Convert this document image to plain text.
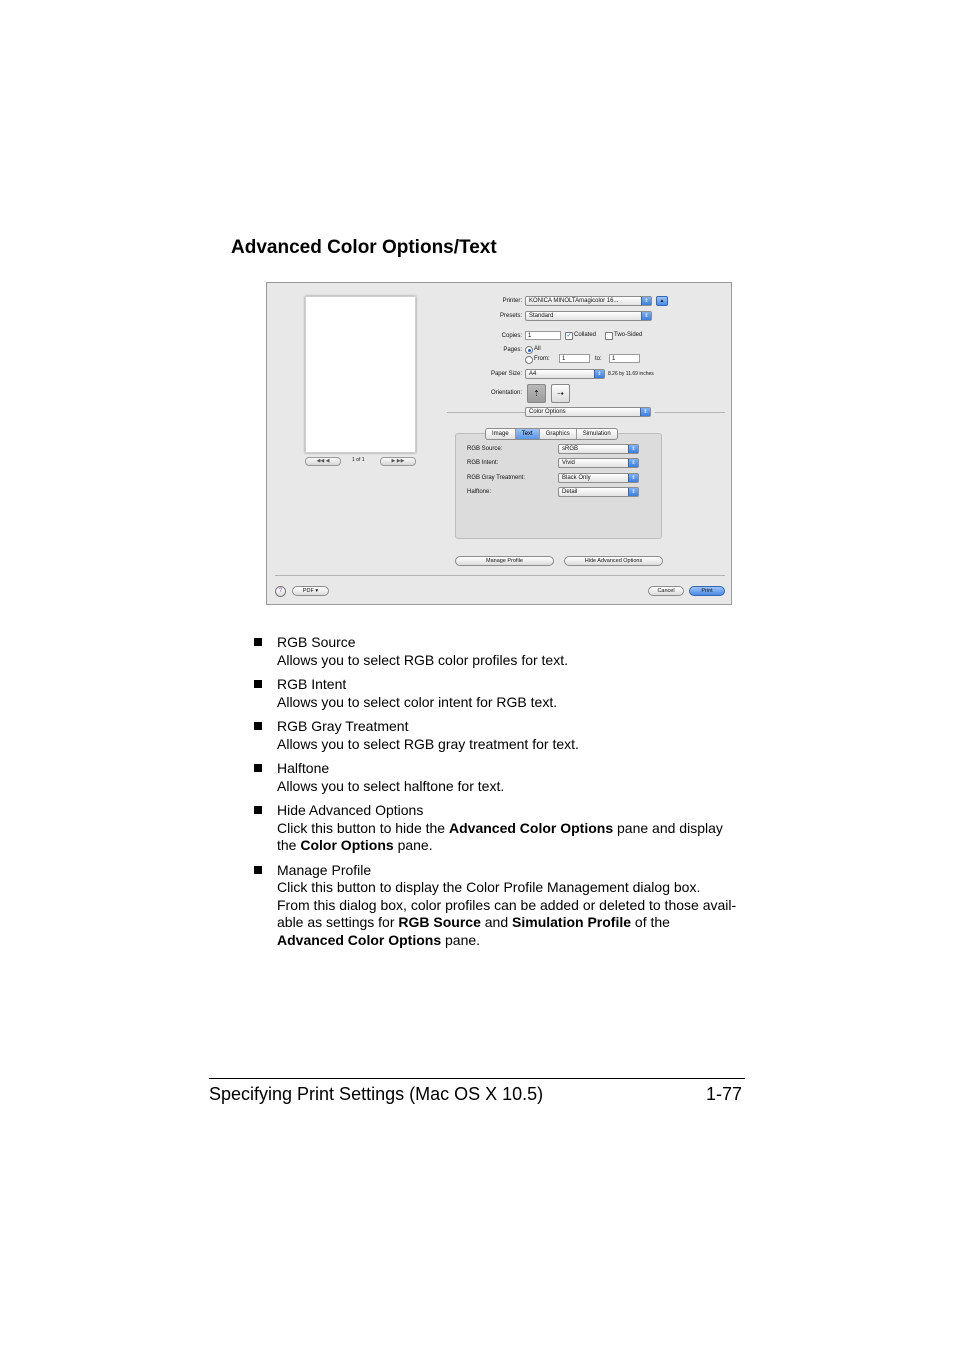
Advanced Color Options/Text
◀◀ ◀	1 of 1	▶ ▶▶
Printer:	KONICA MINOLTAmagicolor 16...	⇕	▲
Presets:	Standard	⇕
Copies:	1	✓ Collated	Two-Sided
Pages: All
From:	1	to:	1
Paper Size:	A4	⇕	8.26 by 11.69 inches
Orientation:	⇡	⇢
Color Options	⇕
Image	Text	Graphics	Simulation
RGB Source:	sRGB	⇕
RGB Intent:	Vivid	⇕
RGB Gray Treatment:	Black Only	⇕
Halftone:	Detail	⇕
Manage Profile	Hide Advanced Options
?	PDF ▾	Cancel	Print

RGB Source

Allows you to select RGB color profiles for text.

RGB Intent

Allows you to select color intent for RGB text.

RGB Gray Treatment

Allows you to select RGB gray treatment for text.

Halftone

Allows you to select halftone for text.

Hide Advanced Options

Click this button to hide the Advanced Color Options pane and display

the Color Options pane.

Manage Profile

Click this button to display the Color Profile Management dialog box.

From this dialog box, color profiles can be added or deleted to those avail-

able as settings for RGB Source and Simulation Profile of the

Advanced Color Options pane.

Specifying Print Settings (Mac OS X 10.5)	1-77
